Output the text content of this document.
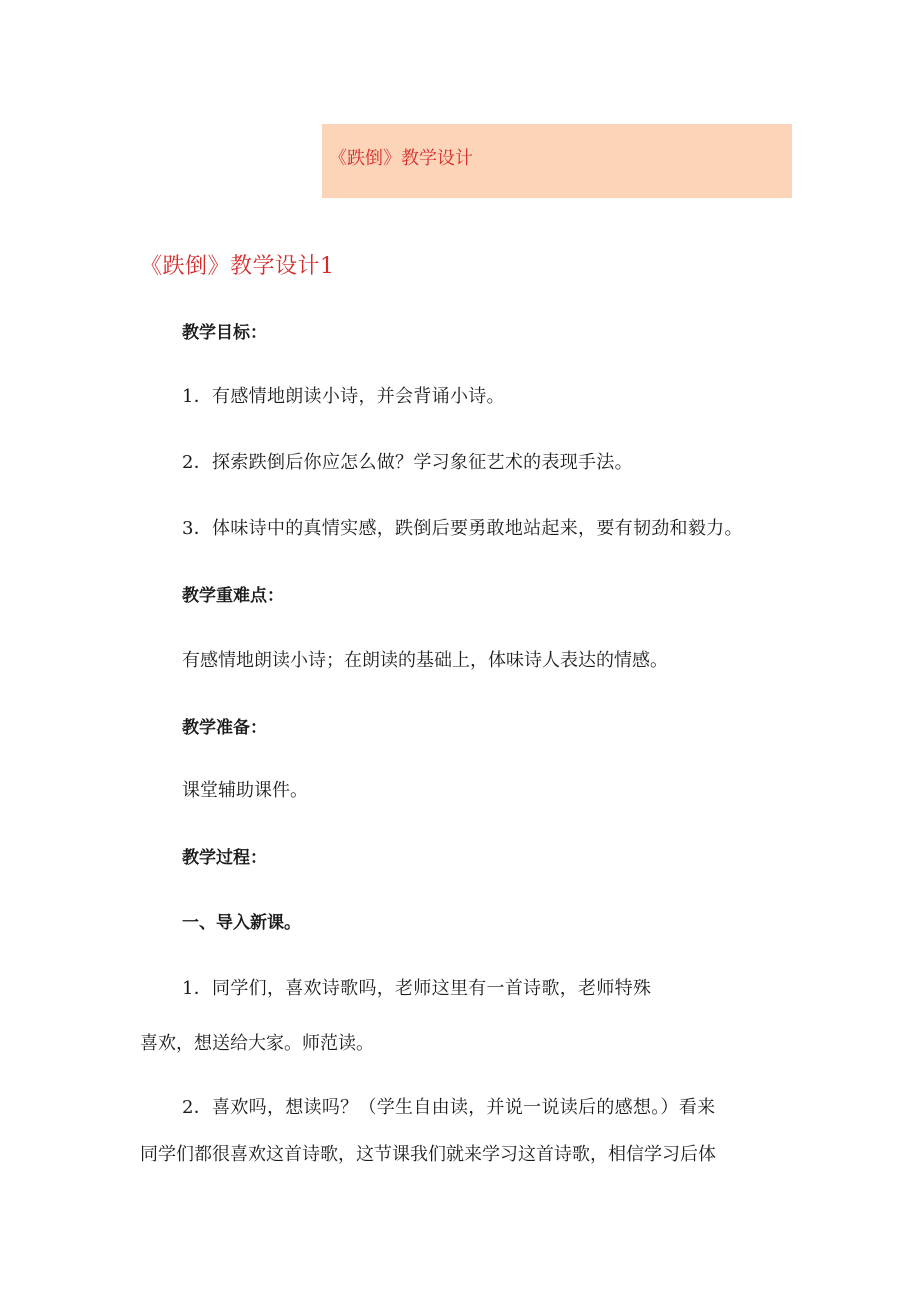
《跌倒》教学设计
《跌倒》教学设计1
教学目标：
1．有感情地朗读小诗，并会背诵小诗。
2．探索跌倒后你应怎么做？学习象征艺术的表现手法。
3．体味诗中的真情实感，跌倒后要勇敢地站起来，要有韧劲和毅力。
教学重难点：
有感情地朗读小诗；在朗读的基础上，体味诗人表达的情感。
教学准备：
课堂辅助课件。
教学过程：
一、导入新课。
1．同学们，喜欢诗歌吗，老师这里有一首诗歌，老师特殊
喜欢，想送给大家。师范读。
2．喜欢吗，想读吗？（学生自由读，并说一说读后的感想。）看来
同学们都很喜欢这首诗歌，这节课我们就来学习这首诗歌，相信学习后体
